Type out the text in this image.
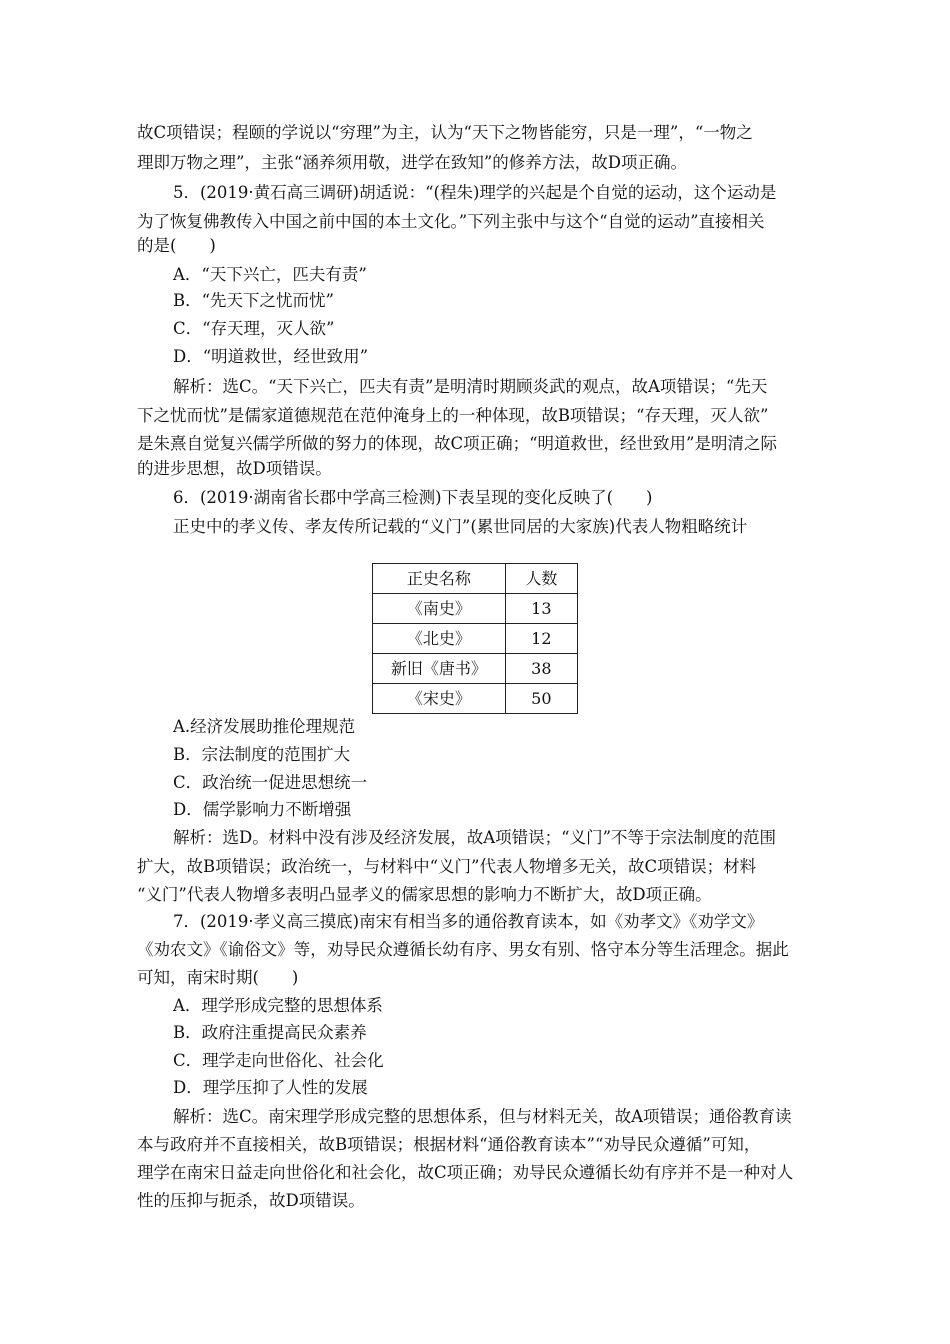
故C项错误；程颐的学说以“穷理”为主，认为“天下之物皆能穷，只是一理”，“一物之
理即万物之理”，主张“涵养须用敬，进学在致知”的修养方法，故D项正确。
5．(2019·黄石高三调研)胡适说：“(程朱)理学的兴起是个自觉的运动，这个运动是
为了恢复佛教传入中国之前中国的本土文化。”下列主张中与这个“自觉的运动”直接相关
的是(　　)
A．“天下兴亡，匹夫有责”
B．“先天下之忧而忧”
C．“存天理，灭人欲”
D．“明道救世，经世致用”
解析：选C。“天下兴亡，匹夫有责”是明清时期顾炎武的观点，故A项错误；“先天
下之忧而忧”是儒家道德规范在范仲淹身上的一种体现，故B项错误；“存天理，灭人欲”
是朱熹自觉复兴儒学所做的努力的体现，故C项正确；“明道救世，经世致用”是明清之际
的进步思想，故D项错误。
6．(2019·湖南省长郡中学高三检测)下表呈现的变化反映了(　　)
正史中的孝义传、孝友传所记载的“义门”(累世同居的大家族)代表人物粗略统计
正史名称	人数
《南史》	13
《北史》	12
新旧《唐书》	38
《宋史》	50
A.经济发展助推伦理规范
B．宗法制度的范围扩大
C．政治统一促进思想统一
D．儒学影响力不断增强
解析：选D。材料中没有涉及经济发展，故A项错误；“义门”不等于宗法制度的范围
扩大，故B项错误；政治统一，与材料中“义门”代表人物增多无关，故C项错误；材料
“义门”代表人物增多表明凸显孝义的儒家思想的影响力不断扩大，故D项正确。
7．(2019·孝义高三摸底)南宋有相当多的通俗教育读本，如《劝孝文》《劝学文》
《劝农文》《谕俗文》等，劝导民众遵循长幼有序、男女有别、恪守本分等生活理念。据此
可知，南宋时期(　　)
A．理学形成完整的思想体系
B．政府注重提高民众素养
C．理学走向世俗化、社会化
D．理学压抑了人性的发展
解析：选C。南宋理学形成完整的思想体系，但与材料无关，故A项错误；通俗教育读
本与政府并不直接相关，故B项错误；根据材料“通俗教育读本”“劝导民众遵循”可知，
理学在南宋日益走向世俗化和社会化，故C项正确；劝导民众遵循长幼有序并不是一种对人
性的压抑与扼杀，故D项错误。
